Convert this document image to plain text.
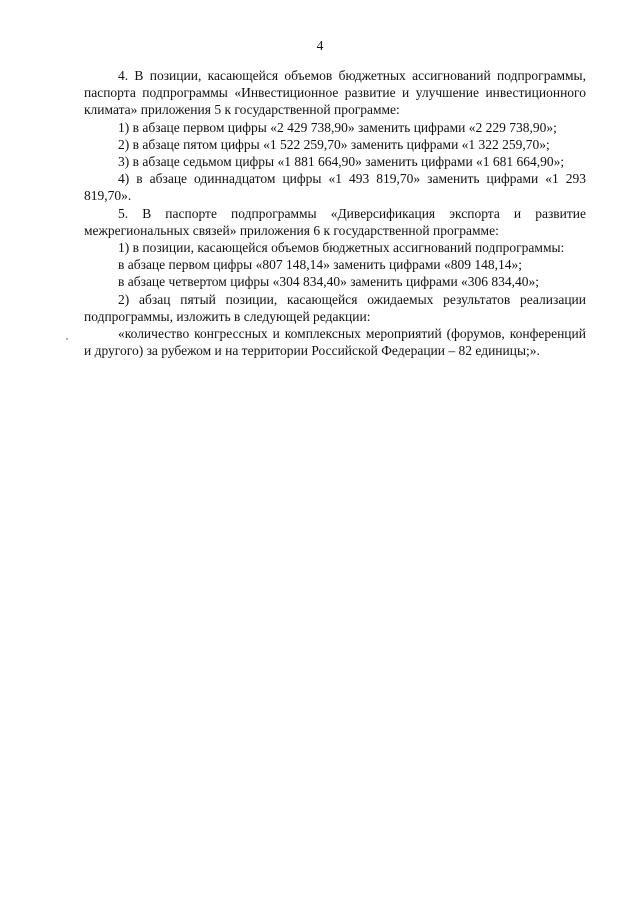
4

4. В позиции, касающейся объемов бюджетных ассигнований подпрограммы, паспорта подпрограммы «Инвестиционное развитие и улучшение инвестиционного климата» приложения 5 к государственной программе:

1) в абзаце первом цифры «2 429 738,90» заменить цифрами «2 229 738,90»;

2) в абзаце пятом цифры «1 522 259,70» заменить цифрами «1 322 259,70»;

3) в абзаце седьмом цифры «1 881 664,90» заменить цифрами «1 681 664,90»;

4) в абзаце одиннадцатом цифры «1 493 819,70» заменить цифрами «1 293 819,70».

5. В паспорте подпрограммы «Диверсификация экспорта и развитие межрегиональных связей» приложения 6 к государственной программе:

1) в позиции, касающейся объемов бюджетных ассигнований подпрограммы:

в абзаце первом цифры «807 148,14» заменить цифрами «809 148,14»;

в абзаце четвертом цифры «304 834,40» заменить цифрами «306 834,40»;

2) абзац пятый позиции, касающейся ожидаемых результатов реализации подпрограммы, изложить в следующей редакции:

«количество конгрессных и комплексных мероприятий (форумов, конференций и другого) за рубежом и на территории Российской Федерации – 82 единицы;».
